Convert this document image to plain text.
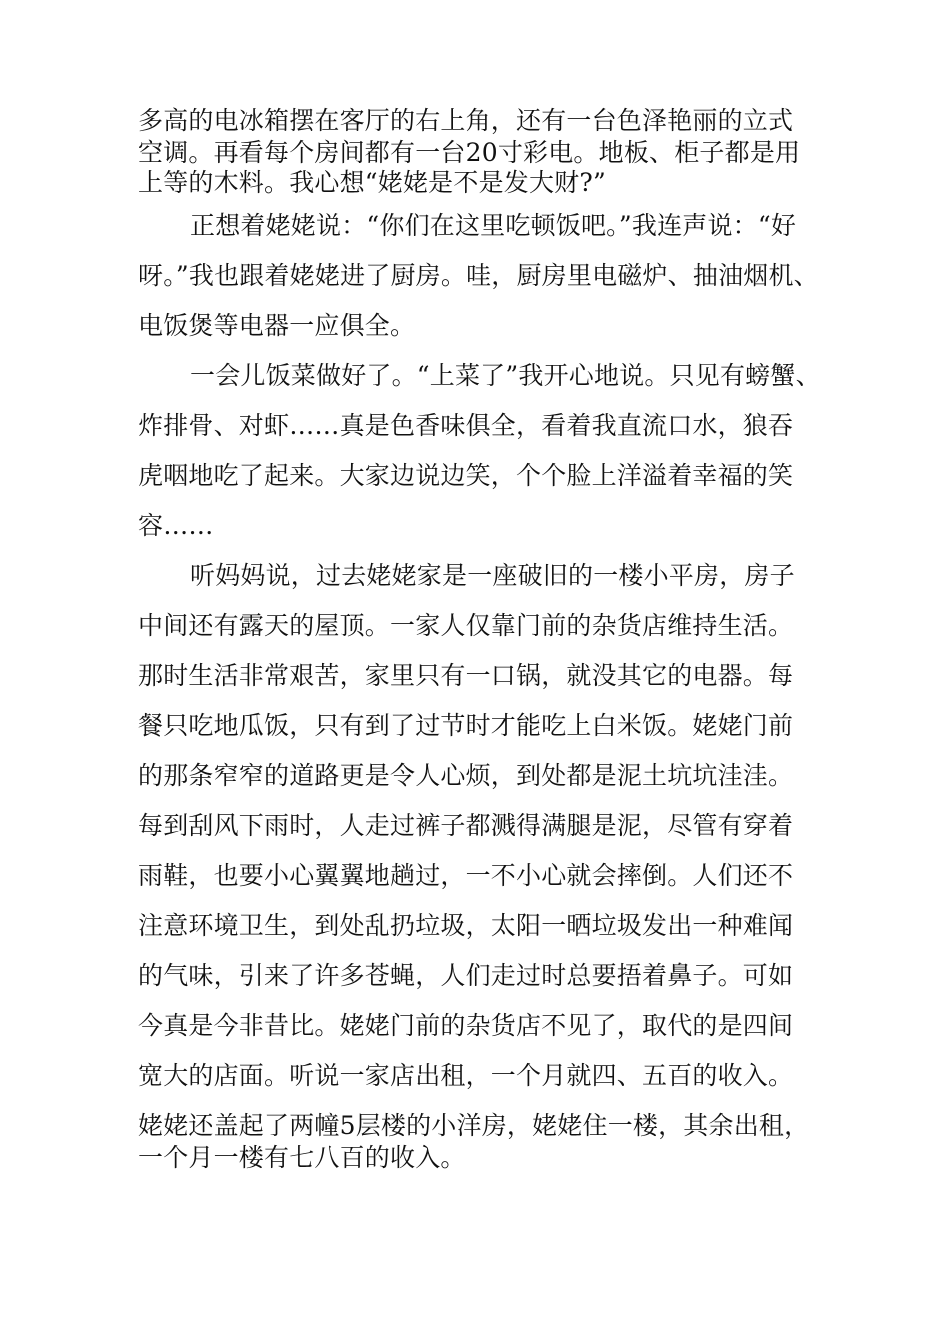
多高的电冰箱摆在客厅的右上角，还有一台色泽艳丽的立式
空调。再看每个房间都有一台20寸彩电。地板、柜子都是用
上等的木料。我心想“姥姥是不是发大财?”
正想着姥姥说：“你们在这里吃顿饭吧。”我连声说：“好
呀。”我也跟着姥姥进了厨房。哇，厨房里电磁炉、抽油烟机、
电饭煲等电器一应俱全。
一会儿饭菜做好了。“上菜了”我开心地说。只见有螃蟹、
炸排骨、对虾……真是色香味俱全，看着我直流口水，狼吞
虎咽地吃了起来。大家边说边笑，个个脸上洋溢着幸福的笑
容……
听妈妈说，过去姥姥家是一座破旧的一楼小平房，房子
中间还有露天的屋顶。一家人仅靠门前的杂货店维持生活。
那时生活非常艰苦，家里只有一口锅，就没其它的电器。每
餐只吃地瓜饭，只有到了过节时才能吃上白米饭。姥姥门前
的那条窄窄的道路更是令人心烦，到处都是泥土坑坑洼洼。
每到刮风下雨时，人走过裤子都溅得满腿是泥，尽管有穿着
雨鞋，也要小心翼翼地趟过，一不小心就会摔倒。人们还不
注意环境卫生，到处乱扔垃圾，太阳一晒垃圾发出一种难闻
的气味，引来了许多苍蝇，人们走过时总要捂着鼻子。可如
今真是今非昔比。姥姥门前的杂货店不见了，取代的是四间
宽大的店面。听说一家店出租，一个月就四、五百的收入。
姥姥还盖起了两幢5层楼的小洋房，姥姥住一楼，其余出租，
一个月一楼有七八百的收入。
